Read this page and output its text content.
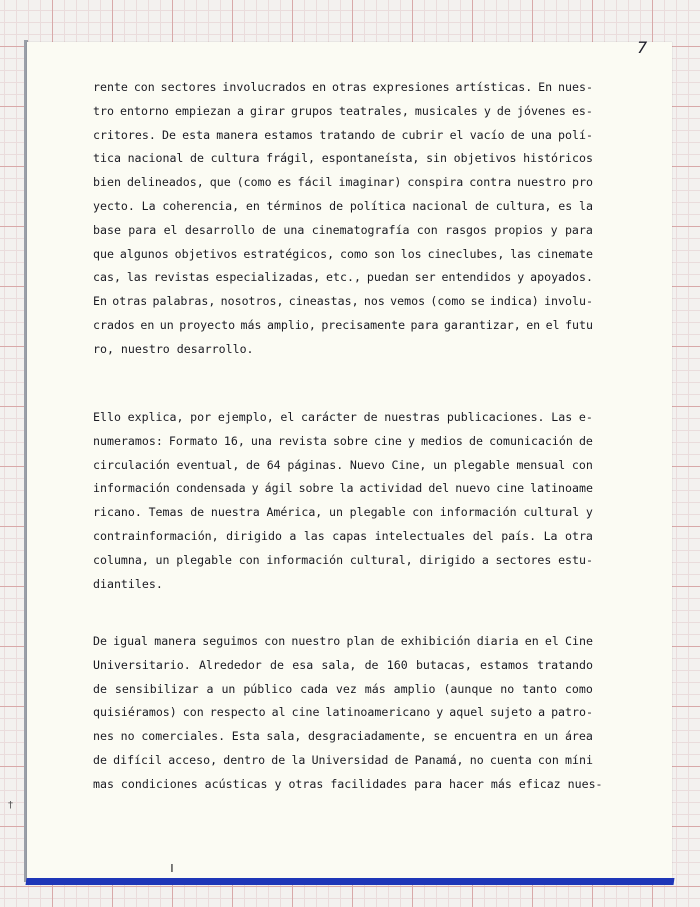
7
rente con sectores involucrados en otras expresiones artísticas. En nues-
tro entorno empiezan a girar grupos teatrales, musicales y de jóvenes es-
critores. De esta manera estamos tratando de cubrir el vacío de una polí-
tica nacional de cultura frágil, espontaneísta, sin objetivos históricos
bien delineados, que (como es fácil imaginar) conspira contra nuestro pro
yecto. La coherencia, en términos de política nacional de cultura, es la
base para el desarrollo de una cinematografía con rasgos propios y para
que algunos objetivos estratégicos, como son los cineclubes, las cinemate
cas, las revistas especializadas, etc., puedan ser entendidos y apoyados.
En otras palabras, nosotros, cineastas, nos vemos (como se indica) involu-
crados en un proyecto más amplio, precisamente para garantizar, en el futu
ro, nuestro desarrollo.
Ello explica, por ejemplo, el carácter de nuestras publicaciones. Las e-
numeramos: Formato 16, una revista sobre cine y medios de comunicación de
circulación eventual, de 64 páginas. Nuevo Cine, un plegable mensual con
información condensada y ágil sobre la actividad del nuevo cine latinoame
ricano. Temas de nuestra América, un plegable con información cultural y
contrainformación, dirigido a las capas intelectuales del país. La otra
columna, un plegable con información cultural, dirigido a sectores estu-
diantiles.
De igual manera seguimos con nuestro plan de exhibición diaria en el Cine
Universitario. Alrededor de esa sala, de 160 butacas, estamos tratando
de sensibilizar a un público cada vez más amplio (aunque no tanto como
quisiéramos) con respecto al cine latinoamericano y aquel sujeto a patro-
nes no comerciales. Esta sala, desgraciadamente, se encuentra en un área
de difícil acceso, dentro de la Universidad de Panamá, no cuenta con míni
mas condiciones acústicas y otras facilidades para hacer más eficaz nues-
ı
†
